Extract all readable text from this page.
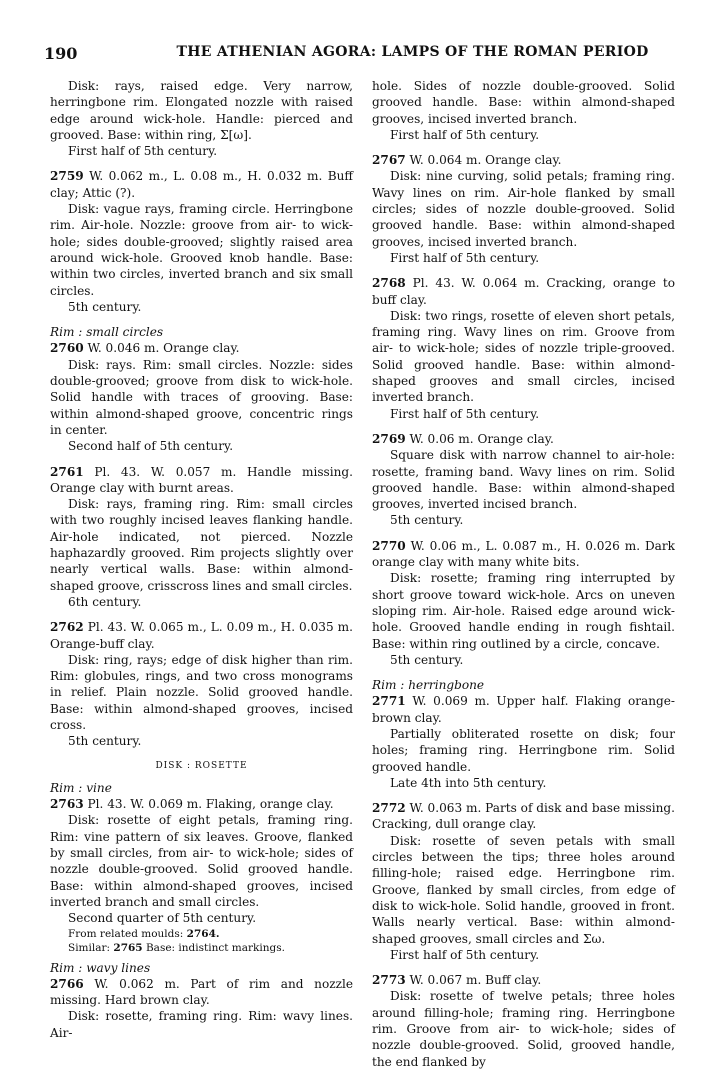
190	THE ATHENIAN AGORA: LAMPS OF THE ROMAN PERIOD

Disk: rays, raised edge. Very narrow, herringbone rim. Elongated nozzle with raised edge around wick-hole. Handle: pierced and grooved. Base: within ring, Σ[ω].

First half of 5th century.

2759 W. 0.062 m., L. 0.08 m., H. 0.032 m. Buff clay; Attic (?).

Disk: vague rays, framing circle. Herringbone rim. Air-hole. Nozzle: groove from air- to wick-hole; sides double-grooved; slightly raised area around wick-hole. Grooved knob handle. Base: within two circles, inverted branch and six small circles.

5th century.

Rim : small circles

2760 W. 0.046 m. Orange clay.

Disk: rays. Rim: small circles. Nozzle: sides double-grooved; groove from disk to wick-hole. Solid handle with traces of grooving. Base: within almond-shaped groove, concentric rings in center.

Second half of 5th century.

2761 Pl. 43. W. 0.057 m. Handle missing. Orange clay with burnt areas.

Disk: rays, framing ring. Rim: small circles with two roughly incised leaves flanking handle. Air-hole indicated, not pierced. Nozzle haphazardly grooved. Rim projects slightly over nearly vertical walls. Base: within almond-shaped groove, crisscross lines and small circles.

6th century.

2762 Pl. 43. W. 0.065 m., L. 0.09 m., H. 0.035 m. Orange-buff clay.

Disk: ring, rays; edge of disk higher than rim. Rim: globules, rings, and two cross monograms in relief. Plain nozzle. Solid grooved handle. Base: within almond-shaped grooves, incised cross.

5th century.

DISK : ROSETTE

Rim : vine

2763 Pl. 43. W. 0.069 m. Flaking, orange clay.

Disk: rosette of eight petals, framing ring. Rim: vine pattern of six leaves. Groove, flanked by small circles, from air- to wick-hole; sides of nozzle double-grooved. Solid grooved handle. Base: within almond-shaped grooves, incised inverted branch and small circles.

Second quarter of 5th century.

From related moulds: 2764.

Similar: 2765 Base: indistinct markings.

Rim : wavy lines

2766 W. 0.062 m. Part of rim and nozzle missing. Hard brown clay.

Disk: rosette, framing ring. Rim: wavy lines. Air-

hole. Sides of nozzle double-grooved. Solid grooved handle. Base: within almond-shaped grooves, incised inverted branch.

First half of 5th century.

2767 W. 0.064 m. Orange clay.

Disk: nine curving, solid petals; framing ring. Wavy lines on rim. Air-hole flanked by small circles; sides of nozzle double-grooved. Solid grooved handle. Base: within almond-shaped grooves, incised inverted branch.

First half of 5th century.

2768 Pl. 43. W. 0.064 m. Cracking, orange to buff clay.

Disk: two rings, rosette of eleven short petals, framing ring. Wavy lines on rim. Groove from air- to wick-hole; sides of nozzle triple-grooved. Solid grooved handle. Base: within almond-shaped grooves and small circles, incised inverted branch.

First half of 5th century.

2769 W. 0.06 m. Orange clay.

Square disk with narrow channel to air-hole: rosette, framing band. Wavy lines on rim. Solid grooved handle. Base: within almond-shaped grooves, inverted incised branch.

5th century.

2770 W. 0.06 m., L. 0.087 m., H. 0.026 m. Dark orange clay with many white bits.

Disk: rosette; framing ring interrupted by short groove toward wick-hole. Arcs on uneven sloping rim. Air-hole. Raised edge around wick-hole. Grooved handle ending in rough fishtail. Base: within ring outlined by a circle, concave.

5th century.

Rim : herringbone

2771 W. 0.069 m. Upper half. Flaking orange-brown clay.

Partially obliterated rosette on disk; four holes; framing ring. Herringbone rim. Solid grooved handle.

Late 4th into 5th century.

2772 W. 0.063 m. Parts of disk and base missing. Cracking, dull orange clay.

Disk: rosette of seven petals with small circles between the tips; three holes around filling-hole; raised edge. Herringbone rim. Groove, flanked by small circles, from edge of disk to wick-hole. Solid handle, grooved in front. Walls nearly vertical. Base: within almond-shaped grooves, small circles and Σω.

First half of 5th century.

2773 W. 0.067 m. Buff clay.

Disk: rosette of twelve petals; three holes around filling-hole; framing ring. Herringbone rim. Groove from air- to wick-hole; sides of nozzle double-grooved. Solid, grooved handle, the end flanked by
